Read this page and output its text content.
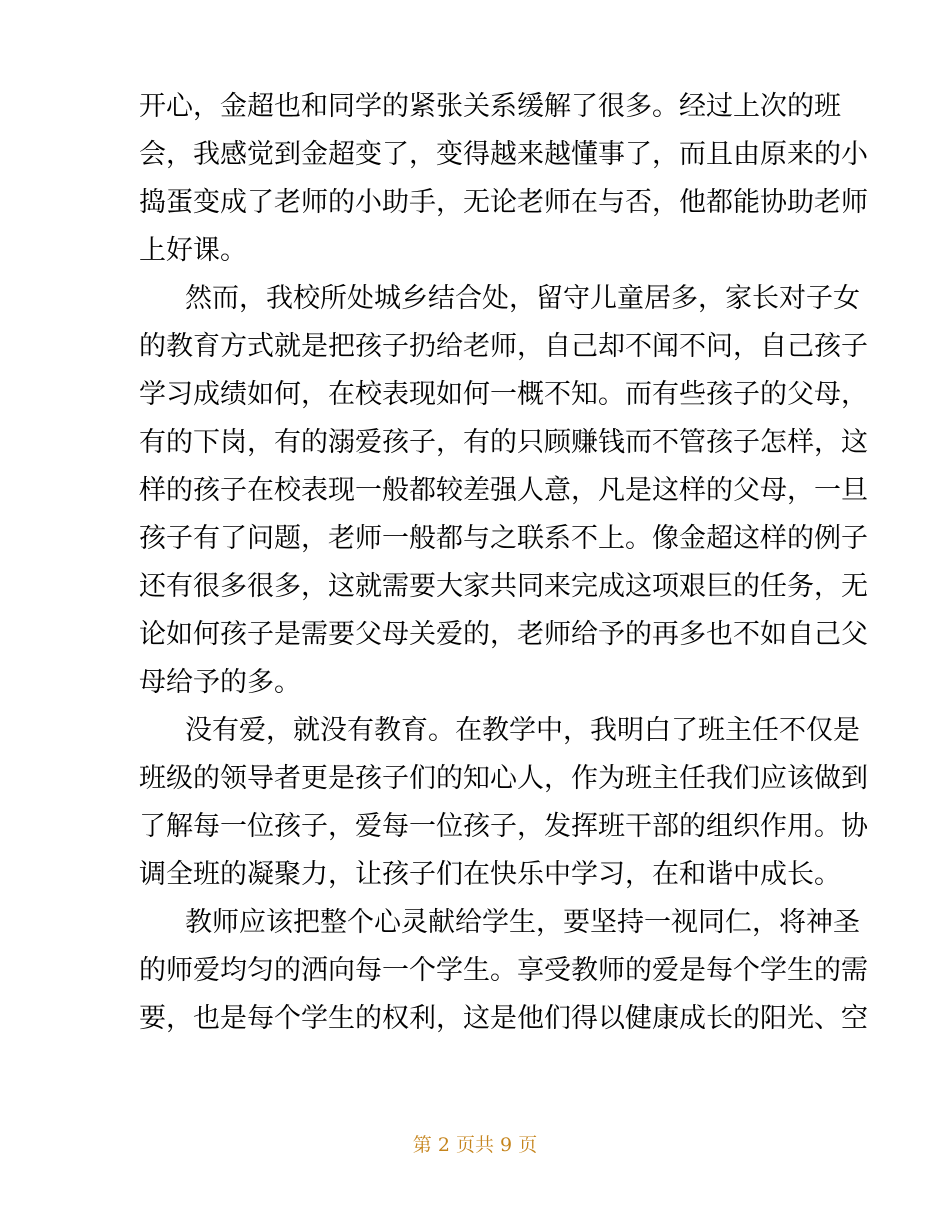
开心，金超也和同学的紧张关系缓解了很多。经过上次的班
会，我感觉到金超变了，变得越来越懂事了，而且由原来的小
捣蛋变成了老师的小助手，无论老师在与否，他都能协助老师
上好课。
然而，我校所处城乡结合处，留守儿童居多，家长对子女
的教育方式就是把孩子扔给老师，自己却不闻不问，自己孩子
学习成绩如何，在校表现如何一概不知。而有些孩子的父母，
有的下岗，有的溺爱孩子，有的只顾赚钱而不管孩子怎样，这
样的孩子在校表现一般都较差强人意，凡是这样的父母，一旦
孩子有了问题，老师一般都与之联系不上。像金超这样的例子
还有很多很多，这就需要大家共同来完成这项艰巨的任务，无
论如何孩子是需要父母关爱的，老师给予的再多也不如自己父
母给予的多。
没有爱，就没有教育。在教学中，我明白了班主任不仅是
班级的领导者更是孩子们的知心人，作为班主任我们应该做到
了解每一位孩子，爱每一位孩子，发挥班干部的组织作用。协
调全班的凝聚力，让孩子们在快乐中学习，在和谐中成长。
教师应该把整个心灵献给学生，要坚持一视同仁，将神圣
的师爱均匀的洒向每一个学生。享受教师的爱是每个学生的需
要，也是每个学生的权利，这是他们得以健康成长的阳光、空
第 2 页共 9 页
